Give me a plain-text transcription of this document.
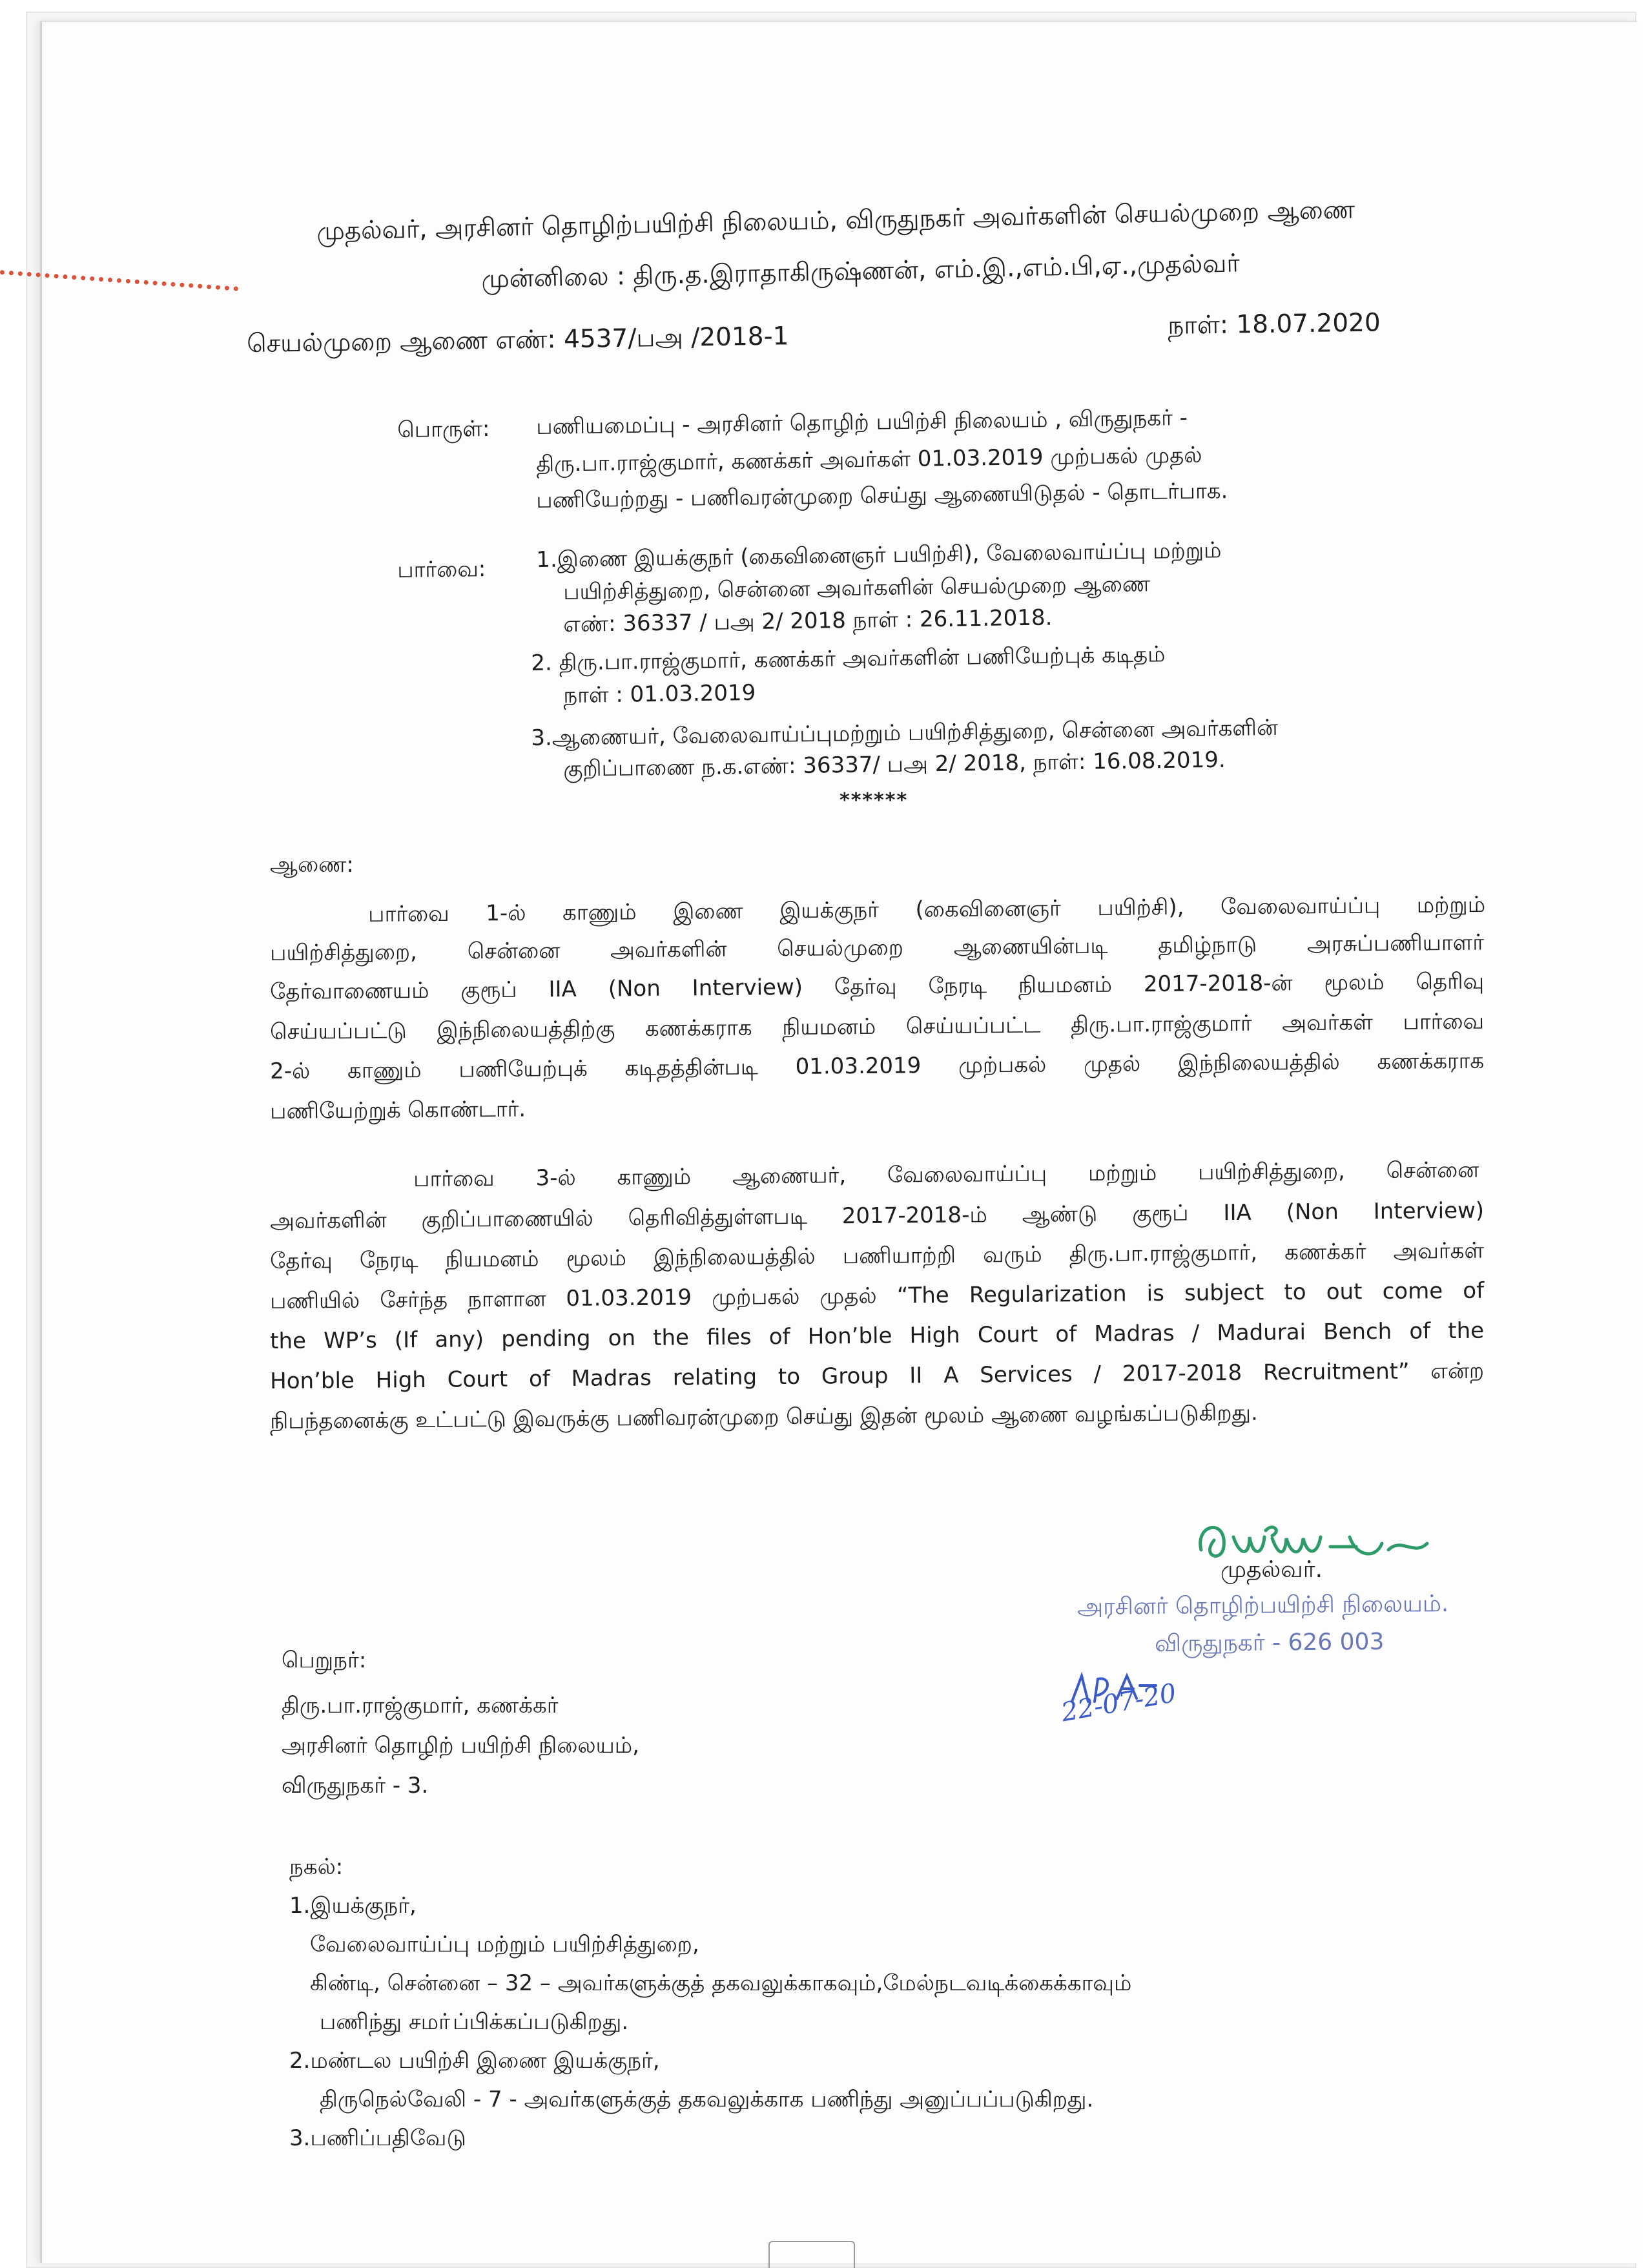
முதல்வர், அரசினர் தொழிற்பயிற்சி நிலையம், விருதுநகர் அவர்களின் செயல்முறை ஆணை
முன்னிலை : திரு.த.இராதாகிருஷ்ணன், எம்.இ.,எம்.பி,ஏ.,முதல்வர்
செயல்முறை ஆணை எண்: 4537/பஅ /2018-1	நாள்: 18.07.2020
பொருள்: பணியமைப்பு - அரசினர் தொழிற் பயிற்சி நிலையம் , விருதுநகர் -
திரு.பா.ராஜ்குமார், கணக்கர் அவர்கள் 01.03.2019 முற்பகல் முதல்
பணியேற்றது - பணிவரன்முறை செய்து ஆணையிடுதல் - தொடர்பாக.
பார்வை: 1.இணை இயக்குநர் (கைவினைஞர் பயிற்சி), வேலைவாய்ப்பு மற்றும்
பயிற்சித்துறை, சென்னை அவர்களின் செயல்முறை ஆணை
எண்: 36337 / பஅ 2/ 2018 நாள் : 26.11.2018.
2. திரு.பா.ராஜ்குமார், கணக்கர் அவர்களின் பணியேற்புக் கடிதம்
நாள் : 01.03.2019
3.ஆணையர், வேலைவாய்ப்புமற்றும் பயிற்சித்துறை, சென்னை அவர்களின்
குறிப்பாணை ந.க.எண்: 36337/ பஅ 2/ 2018, நாள்: 16.08.2019.
******
ஆணை:
பார்வை 1-ல் காணும் இணை இயக்குநர் (கைவினைஞர் பயிற்சி), வேலைவாய்ப்பு மற்றும்
பயிற்சித்துறை, சென்னை அவர்களின் செயல்முறை ஆணையின்படி தமிழ்நாடு அரசுப்பணியாளர்
தேர்வாணையம் குரூப் IIA (Non Interview) தேர்வு நேரடி நியமனம் 2017-2018-ன் மூலம் தெரிவு
செய்யப்பட்டு இந்நிலையத்திற்கு கணக்கராக நியமனம் செய்யப்பட்ட திரு.பா.ராஜ்குமார் அவர்கள் பார்வை
2-ல் காணும் பணியேற்புக் கடிதத்தின்படி 01.03.2019 முற்பகல் முதல் இந்நிலையத்தில் கணக்கராக
பணியேற்றுக் கொண்டார்.
பார்வை 3-ல் காணும் ஆணையர், வேலைவாய்ப்பு மற்றும் பயிற்சித்துறை, சென்னை
அவர்களின் குறிப்பாணையில் தெரிவித்துள்ளபடி 2017-2018-ம் ஆண்டு குரூப் IIA (Non Interview)
தேர்வு நேரடி நியமனம் மூலம் இந்நிலையத்தில் பணியாற்றி வரும் திரு.பா.ராஜ்குமார், கணக்கர் அவர்கள்
பணியில் சேர்ந்த நாளான 01.03.2019 முற்பகல் முதல் “The Regularization is subject to out come of
the WP’s (If any) pending on the files of Hon’ble High Court of Madras / Madurai Bench of the
Hon’ble High Court of Madras relating to Group II A Services / 2017-2018 Recruitment” என்ற
நிபந்தனைக்கு உட்பட்டு இவருக்கு பணிவரன்முறை செய்து இதன் மூலம் ஆணை வழங்கப்படுகிறது.
முதல்வர்.
அரசினர் தொழிற்பயிற்சி நிலையம்.
விருதுநகர் - 626 003
22-07-20
பெறுநர்:
திரு.பா.ராஜ்குமார், கணக்கர்
அரசினர் தொழிற் பயிற்சி நிலையம்,
விருதுநகர் - 3.
நகல்:
1.இயக்குநர்,
வேலைவாய்ப்பு மற்றும் பயிற்சித்துறை,
கிண்டி, சென்னை – 32 – அவர்களுக்குத் தகவலுக்காகவும்,மேல்நடவடிக்கைக்காவும்
பணிந்து சமா்ப்பிக்கப்படுகிறது.
2.மண்டல பயிற்சி இணை இயக்குநர்,
திருநெல்வேலி - 7 - அவர்களுக்குத் தகவலுக்காக பணிந்து அனுப்பப்படுகிறது.
3.பணிப்பதிவேடு
